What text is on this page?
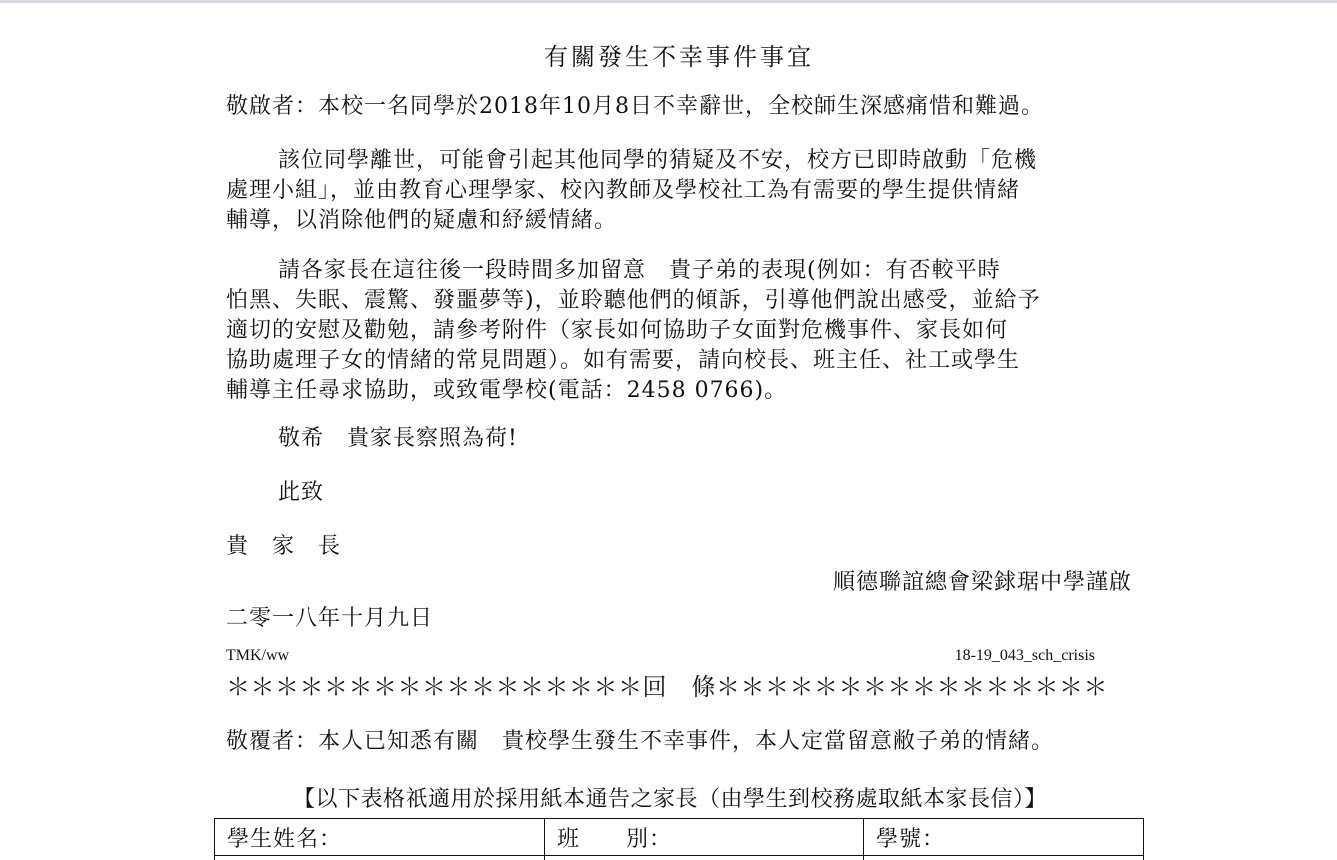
有關發生不幸事件事宜
敬啟者：本校一名同學於2018年10月8日不幸辭世，全校師生深感痛惜和難過。
該位同學離世，可能會引起其他同學的猜疑及不安，校方已即時啟動「危機
處理小組」，並由教育心理學家、校內教師及學校社工為有需要的學生提供情緒
輔導，以消除他們的疑慮和紓緩情緒。
請各家長在這往後一段時間多加留意　貴子弟的表現(例如：有否較平時
怕黑、失眠、震驚、發噩夢等)，並聆聽他們的傾訴，引導他們說出感受，並給予
適切的安慰及勸勉，請參考附件（家長如何協助子女面對危機事件、家長如何
協助處理子女的情緒的常見問題）。如有需要，請向校長、班主任、社工或學生
輔導主任尋求協助，或致電學校(電話：2458 0766)。
敬希　貴家長察照為荷!
此致
貴　家　長
順德聯誼總會梁銶琚中學謹啟
二零一八年十月九日
TMK/ww	18-19_043_sch_crisis
＊＊＊＊＊＊＊＊＊＊＊＊＊＊＊＊＊回　條＊＊＊＊＊＊＊＊＊＊＊＊＊＊＊＊
敬覆者：本人已知悉有關　貴校學生發生不幸事件，本人定當留意敝子弟的情緒。
【以下表格祇適用於採用紙本通告之家長（由學生到校務處取紙本家長信）】
學生姓名：	班　　別：	學號：
